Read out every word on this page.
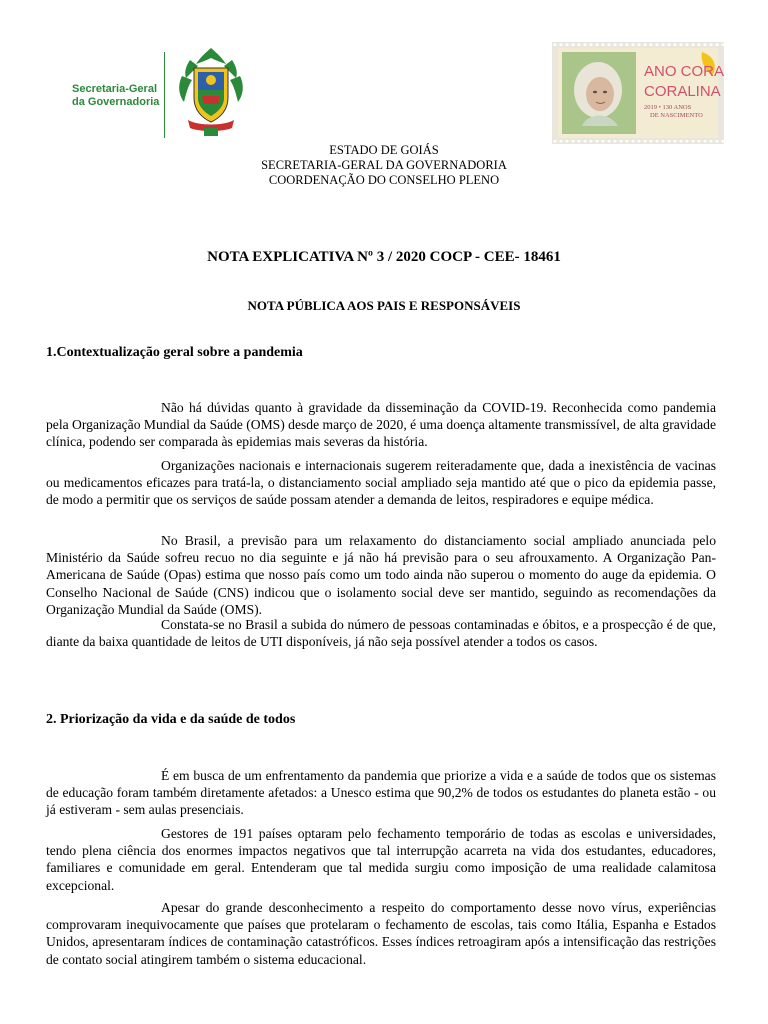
Secretaria-Geral
da Governadoria
ANO CORA
CORALINA
2019 • 130 ANOS
DE NASCIMENTO
ESTADO DE GOIÁS
SECRETARIA-GERAL DA GOVERNADORIA
COORDENAÇÃO DO CONSELHO PLENO
NOTA EXPLICATIVA Nº 3 / 2020 COCP - CEE- 18461
NOTA PÚBLICA AOS PAIS E RESPONSÁVEIS
1.Contextualização geral sobre a pandemia

Não há dúvidas quanto à gravidade da disseminação da COVID-19. Reconhecida como pandemia pela Organização Mundial da Saúde (OMS) desde março de 2020, é uma doença altamente transmissível, de alta gravidade clínica, podendo ser comparada às epidemias mais severas da história.

Organizações nacionais e internacionais sugerem reiteradamente que, dada a inexistência de vacinas ou medicamentos eficazes para tratá-la, o distanciamento social ampliado seja mantido até que o pico da epidemia passe, de modo a permitir que os serviços de saúde possam atender a demanda de leitos, respiradores e equipe médica.

No Brasil, a previsão para um relaxamento do distanciamento social ampliado anunciada pelo Ministério da Saúde sofreu recuo no dia seguinte e já não há previsão para o seu afrouxamento. A Organização Pan-Americana de Saúde (Opas) estima que nosso país como um todo ainda não superou o momento do auge da epidemia. O Conselho Nacional de Saúde (CNS) indicou que o isolamento social deve ser mantido, seguindo as recomendações da Organização Mundial da Saúde (OMS).

Constata-se no Brasil a subida do número de pessoas contaminadas e óbitos, e a prospecção é de que, diante da baixa quantidade de leitos de UTI disponíveis, já não seja possível atender a todos os casos.

2. Priorização da vida e da saúde de todos

É em busca de um enfrentamento da pandemia que priorize a vida e a saúde de todos que os sistemas de educação foram também diretamente afetados: a Unesco estima que 90,2% de todos os estudantes do planeta estão - ou já estiveram - sem aulas presenciais.

Gestores de 191 países optaram pelo fechamento temporário de todas as escolas e universidades, tendo plena ciência dos enormes impactos negativos que tal interrupção acarreta na vida dos estudantes, educadores, familiares e comunidade em geral. Entenderam que tal medida surgiu como imposição de uma realidade calamitosa excepcional.

Apesar do grande desconhecimento a respeito do comportamento desse novo vírus, experiências comprovaram inequivocamente que países que protelaram o fechamento de escolas, tais como Itália, Espanha e Estados Unidos, apresentaram índices de contaminação catastróficos. Esses índices retroagiram após a intensificação das restrições de contato social atingirem também o sistema educacional.
